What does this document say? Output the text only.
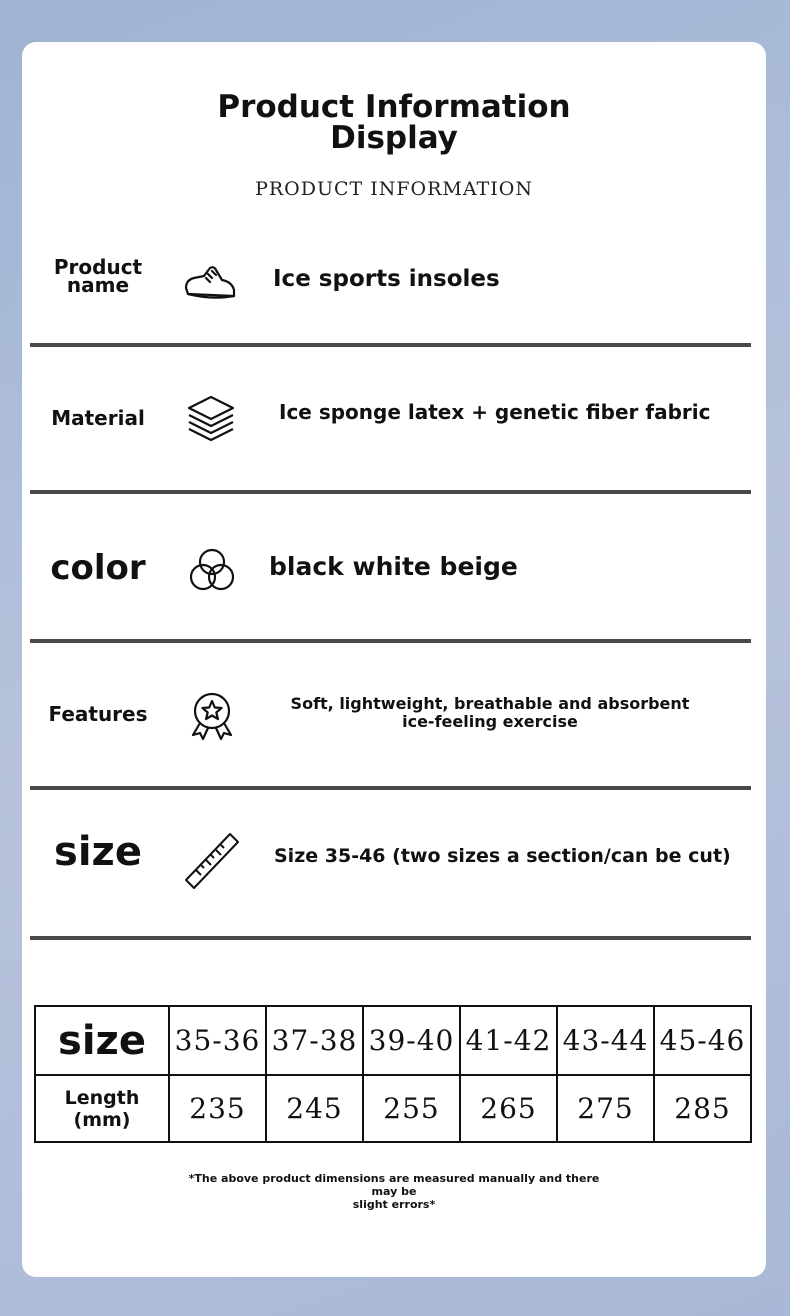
Product Information
Display
PRODUCT INFORMATION
Product
name	Ice sports insoles
Material	Ice sponge latex + genetic fiber fabric
color	black white beige
Features	Soft, lightweight, breathable and absorbent
ice-feeling exercise
size	Size 35-46 (two sizes a section/can be cut)
size	35-36	37-38	39-40	41-42	43-44	45-46
Length (mm)	235	245	255	265	275	285
*The above product dimensions are measured manually and there may be
slight errors*
